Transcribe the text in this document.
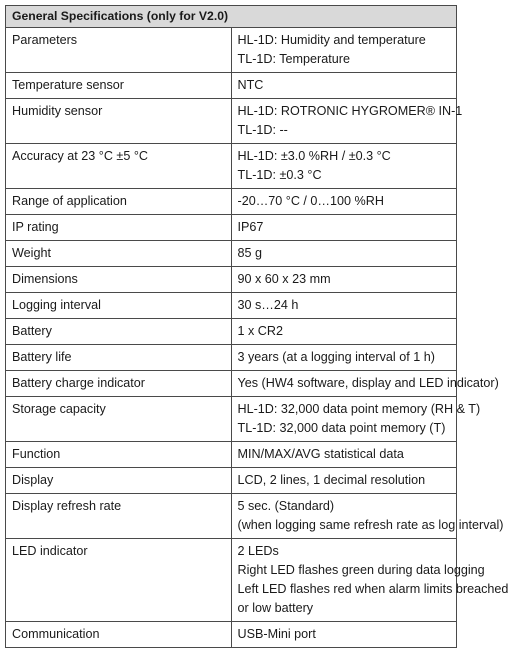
General Specifications (only for V2.0)	
Parameters	HL-1D: Humidity and temperature
TL-1D: Temperature

Temperature sensor	NTC

Humidity sensor	HL-1D: ROTRONIC HYGROMER® IN-1
TL-1D: --

Accuracy at 23 °C ±5 °C	HL-1D: ±3.0 %RH / ±0.3 °C
TL-1D: ±0.3 °C

Range of application	-20…70 °C / 0…100 %RH

IP rating	IP67

Weight	85 g

Dimensions	90 x 60 x 23 mm

Logging interval	30 s…24 h

Battery	1 x CR2

Battery life	3 years (at a logging interval of 1 h)

Battery charge indicator	Yes (HW4 software, display and LED indicator)

Storage capacity	HL-1D: 32,000 data point memory (RH & T)
TL-1D: 32,000 data point memory (T)

Function	MIN/MAX/AVG statistical data

Display	LCD, 2 lines, 1 decimal resolution

Display refresh rate	5 sec. (Standard)
(when logging same refresh rate as log interval)

LED indicator	2 LEDs
Right LED flashes green during data logging
Left LED flashes red when alarm limits breached
or low battery

Communication	USB-Mini port
